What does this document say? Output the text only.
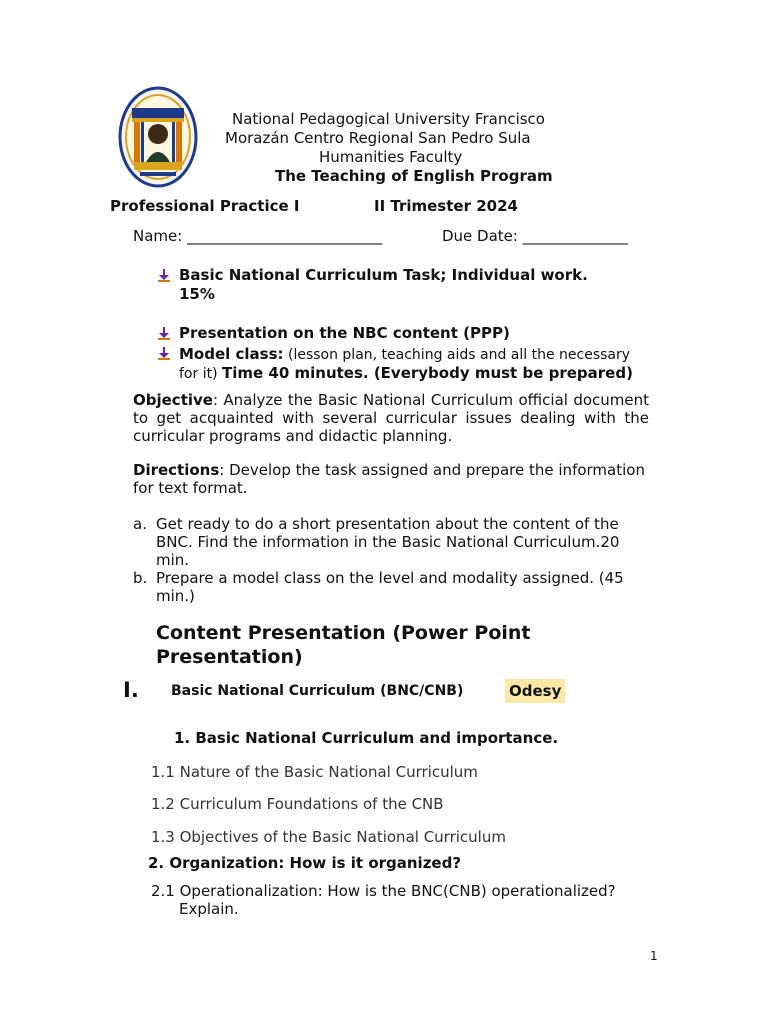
National Pedagogical University Francisco
Morazán Centro Regional San Pedro Sula
Humanities Faculty
The Teaching of English Program
Professional Practice I	II Trimester 2024
Name: __________________________	Due Date: ______________
Basic National Curriculum Task; Individual work.
15%
Presentation on the NBC content (PPP)
Model class: (lesson plan, teaching aids and all the necessary
for it) Time 40 minutes. (Everybody must be prepared)
Objective: Analyze the Basic National Curriculum official document to get acquainted with several curricular issues dealing with the curricular programs and didactic planning.
Directions: Develop the task assigned and prepare the information for text format.
a. Get ready to do a short presentation about the content of the
BNC. Find the information in the Basic National Curriculum.20
min.
b. Prepare a model class on the level and modality assigned. (45
min.)
Content Presentation (Power Point
Presentation)
I. Basic National Curriculum (BNC/CNB)	Odesy
1. Basic National Curriculum and importance.
1.1 Nature of the Basic National Curriculum
1.2 Curriculum Foundations of the CNB
1.3 Objectives of the Basic National Curriculum
2. Organization: How is it organized?
2.1 Operationalization: How is the BNC(CNB) operationalized?
Explain.
1
